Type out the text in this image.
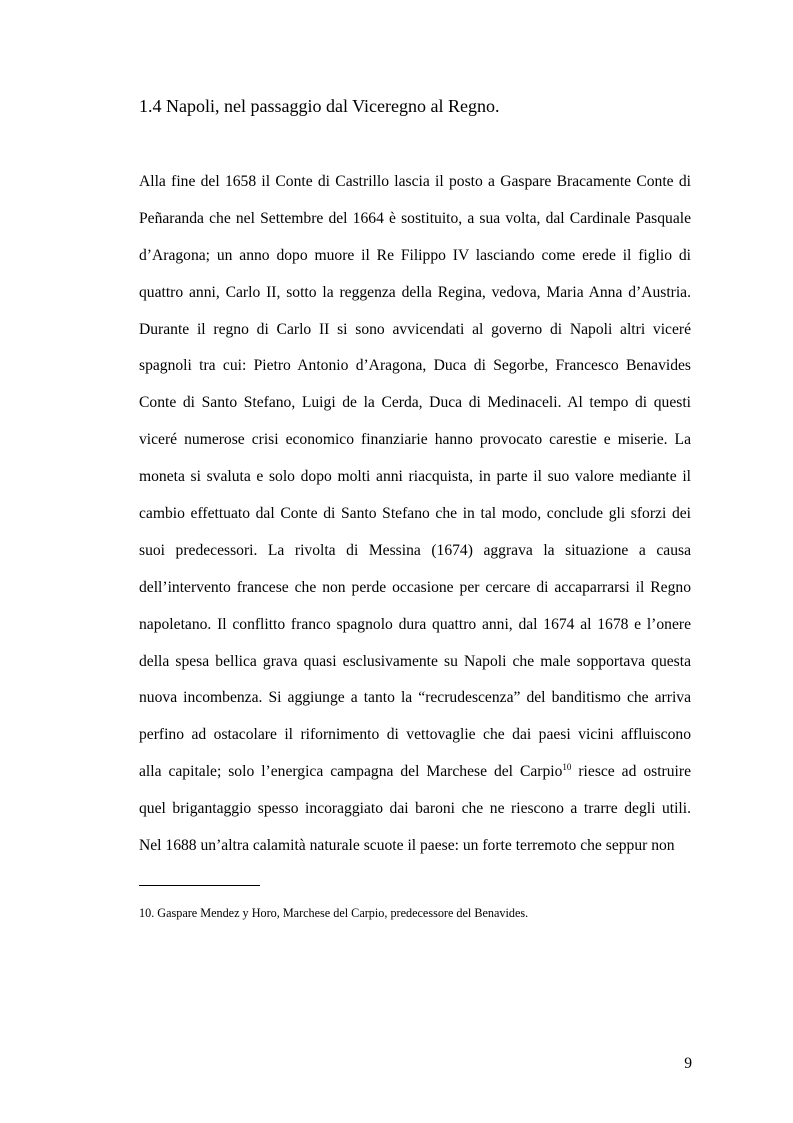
1.4 Napoli, nel passaggio dal Viceregno al Regno.
Alla fine del 1658 il Conte di Castrillo lascia il posto a Gaspare Bracamente Conte di
Peñaranda che nel Settembre del 1664 è sostituito, a sua volta, dal Cardinale Pasquale
d’Aragona; un anno dopo muore il Re Filippo IV lasciando come erede il figlio di
quattro anni, Carlo II, sotto la reggenza della Regina, vedova, Maria Anna d’Austria.
Durante il regno di Carlo II si sono avvicendati al governo di Napoli altri viceré
spagnoli tra cui: Pietro Antonio d’Aragona, Duca di Segorbe, Francesco Benavides
Conte di Santo Stefano, Luigi de la Cerda, Duca di Medinaceli. Al tempo di questi
viceré numerose crisi economico finanziarie hanno provocato carestie e miserie. La
moneta si svaluta e solo dopo molti anni riacquista, in parte il suo valore mediante il
cambio effettuato dal Conte di Santo Stefano che in tal modo, conclude gli sforzi dei
suoi predecessori. La rivolta di Messina (1674) aggrava la situazione a causa
dell’intervento francese che non perde occasione per cercare di accaparrarsi il Regno
napoletano. Il conflitto franco spagnolo dura quattro anni, dal 1674 al 1678 e l’onere
della spesa bellica grava quasi esclusivamente su Napoli che male sopportava questa
nuova incombenza. Si aggiunge a tanto la “recrudescenza” del banditismo che arriva
perfino ad ostacolare il rifornimento di vettovaglie che dai paesi vicini affluiscono
alla capitale; solo l’energica campagna del Marchese del Carpio$^{10}$ riesce ad ostruire
quel brigantaggio spesso incoraggiato dai baroni che ne riescono a trarre degli utili.
Nel 1688 un’altra calamità naturale scuote il paese: un forte terremoto che seppur non
10. Gaspare Mendez y Horo, Marchese del Carpio, predecessore del Benavides.
9
